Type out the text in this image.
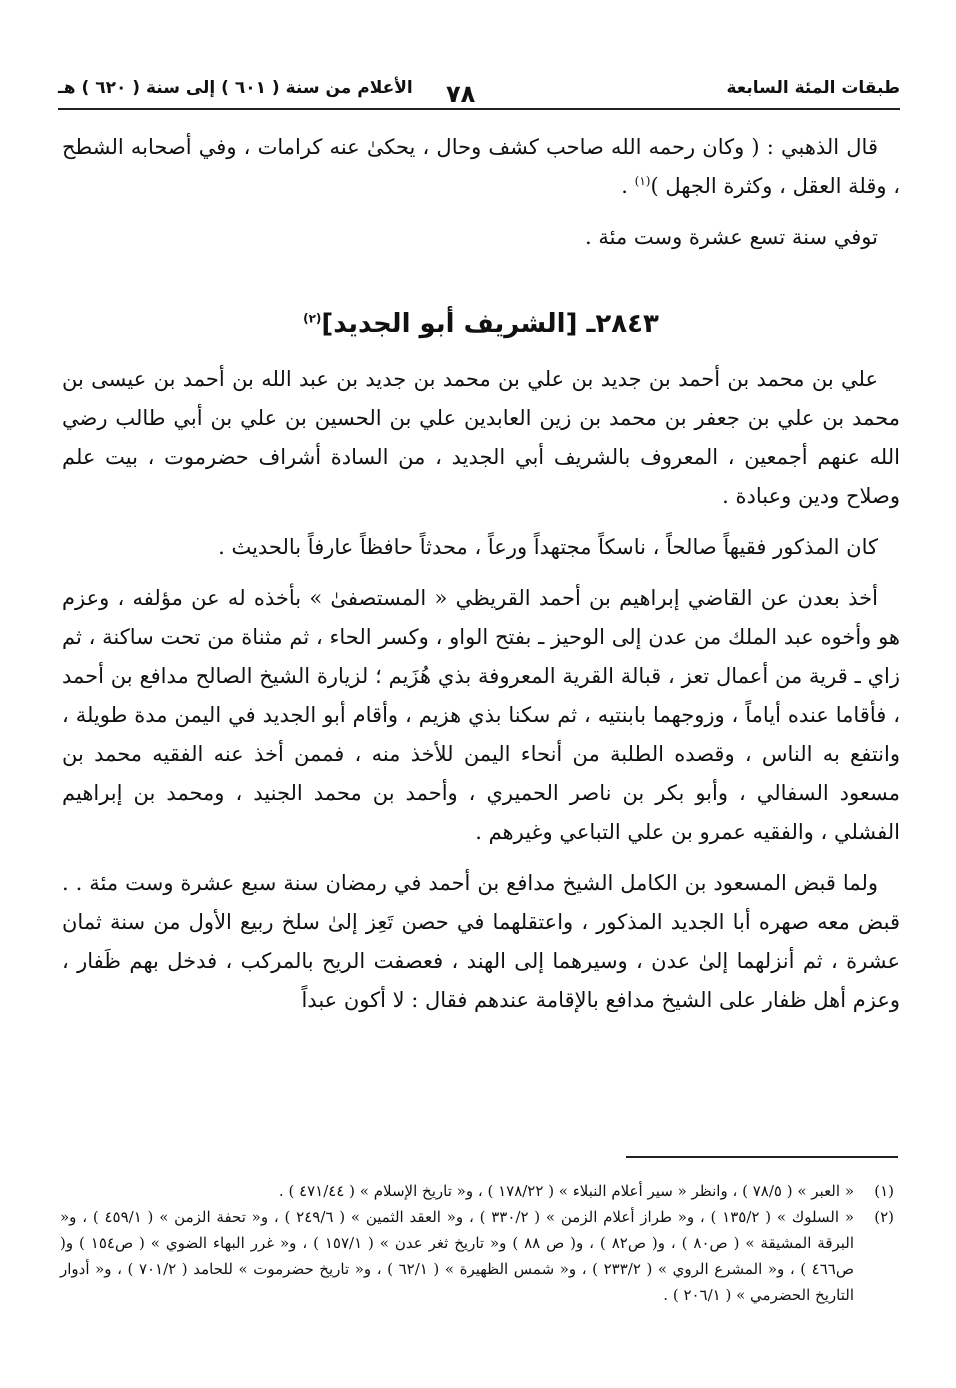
طبقات المئة السابعة
٧٨
الأعلام من سنة ( ٦٠١ ) إلى سنة ( ٦٢٠ ) هـ

قال الذهبي : ( وكان رحمه الله صاحب كشف وحال ، يحكىٰ عنه كرامات ، وفي أصحابه الشطح ، وقلة العقل ، وكثرة الجهل )$^{(١)}$ .

توفي سنة تسع عشرة وست مئة .

٢٨٤٣ـ [الشريف أبو الجديد]$^{(٢)}$

علي بن محمد بن أحمد بن جديد بن علي بن محمد بن جديد بن عبد الله بن أحمد بن عيسى بن محمد بن علي بن جعفر بن محمد بن زين العابدين علي بن الحسين بن علي بن أبي طالب رضي الله عنهم أجمعين ، المعروف بالشريف أبي الجديد ، من السادة أشراف حضرموت ، بيت علم وصلاح ودين وعبادة .

كان المذكور فقيهاً صالحاً ، ناسكاً مجتهداً ورعاً ، محدثاً حافظاً عارفاً بالحديث .

أخذ بعدن عن القاضي إبراهيم بن أحمد القريظي « المستصفىٰ » بأخذه له عن مؤلفه ، وعزم هو وأخوه عبد الملك من عدن إلى الوحيز ـ بفتح الواو ، وكسر الحاء ، ثم مثناة من تحت ساكنة ، ثم زاي ـ قرية من أعمال تعز ، قبالة القرية المعروفة بذي هُزَيم ؛ لزيارة الشيخ الصالح مدافع بن أحمد ، فأقاما عنده أياماً ، وزوجهما بابنتيه ، ثم سكنا بذي هزيم ، وأقام أبو الجديد في اليمن مدة طويلة ، وانتفع به الناس ، وقصده الطلبة من أنحاء اليمن للأخذ منه ، فممن أخذ عنه الفقيه محمد بن مسعود السفالي ، وأبو بكر بن ناصر الحميري ، وأحمد بن محمد الجنيد ، ومحمد بن إبراهيم الفشلي ، والفقيه عمرو بن علي التباعي وغيرهم .

ولما قبض المسعود بن الكامل الشيخ مدافع بن أحمد في رمضان سنة سبع عشرة وست مئة . . قبض معه صهره أبا الجديد المذكور ، واعتقلهما في حصن تَعِز إلىٰ سلخ ربيع الأول من سنة ثمان عشرة ، ثم أنزلهما إلىٰ عدن ، وسيرهما إلى الهند ، فعصفت الريح بالمركب ، فدخل بهم ظَفار ، وعزم أهل ظفار على الشيخ مدافع بالإقامة عندهم فقال : لا أكون عبداً

(١)
« العبر » ( ٧٨/٥ ) ، وانظر « سير أعلام النبلاء » ( ١٧٨/٢٢ ) ، و« تاريخ الإسلام » ( ٤٧١/٤٤ ) .
(٢)
« السلوك » ( ١٣٥/٢ ) ، و« طراز أعلام الزمن » ( ٣٣٠/٢ ) ، و« العقد الثمين » ( ٢٤٩/٦ ) ، و« تحفة الزمن » ( ٤٥٩/١ ) ، و« البرقة المشيقة » ( ص٨٠ ) ، و( ص٨٢ ) ، و( ص ٨٨ ) و« تاريخ ثغر عدن » ( ١٥٧/١ ) ، و« غرر البهاء الضوي » ( ص١٥٤ ) و( ص٤٦٦ ) ، و« المشرع الروي » ( ٢٣٣/٢ ) ، و« شمس الظهيرة » ( ٦٢/١ ) ، و« تاريخ حضرموت » للحامد ( ٧٠١/٢ ) ، و« أدوار التاريخ الحضرمي » ( ٢٠٦/١ ) .
